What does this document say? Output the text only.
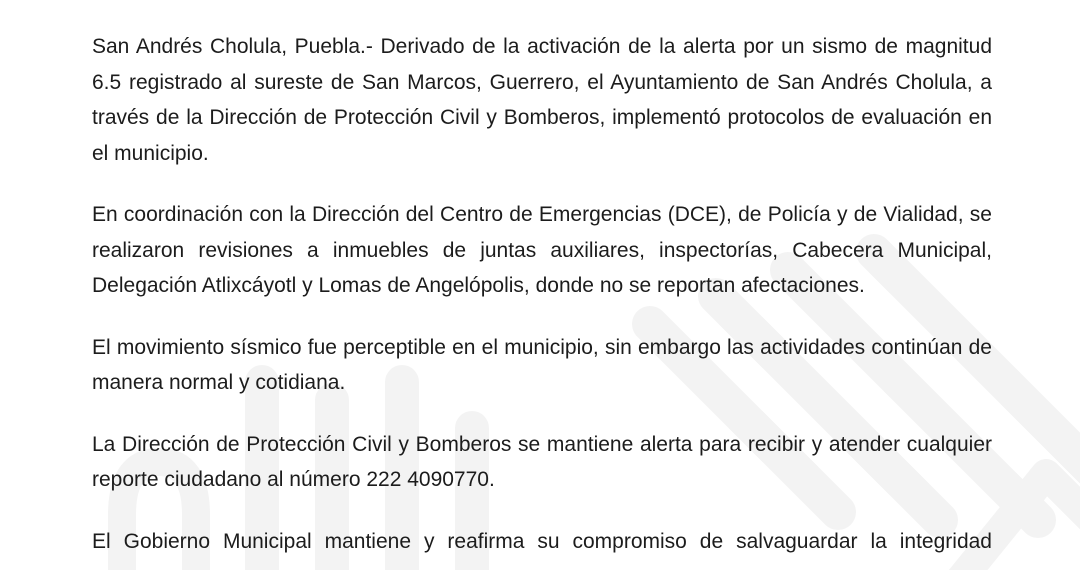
San Andrés Cholula, Puebla.- Derivado de la activación de la alerta por un sismo de magnitud 6.5 registrado al sureste de San Marcos, Guerrero, el Ayuntamiento de San Andrés Cholula, a través de la Dirección de Protección Civil y Bomberos, implementó protocolos de evaluación en el municipio.

En coordinación con la Dirección del Centro de Emergencias (DCE), de Policía y de Vialidad, se realizaron revisiones a inmuebles de juntas auxiliares, inspectorías, Cabecera Municipal, Delegación Atlixcáyotl y Lomas de Angelópolis, donde no se reportan afectaciones.

El movimiento sísmico fue perceptible en el municipio, sin embargo las actividades continúan de manera normal y cotidiana.

La Dirección de Protección Civil y Bomberos se mantiene alerta para recibir y atender cualquier reporte ciudadano al número 222 4090770.

El Gobierno Municipal mantiene y reafirma su compromiso de salvaguardar la integridad
